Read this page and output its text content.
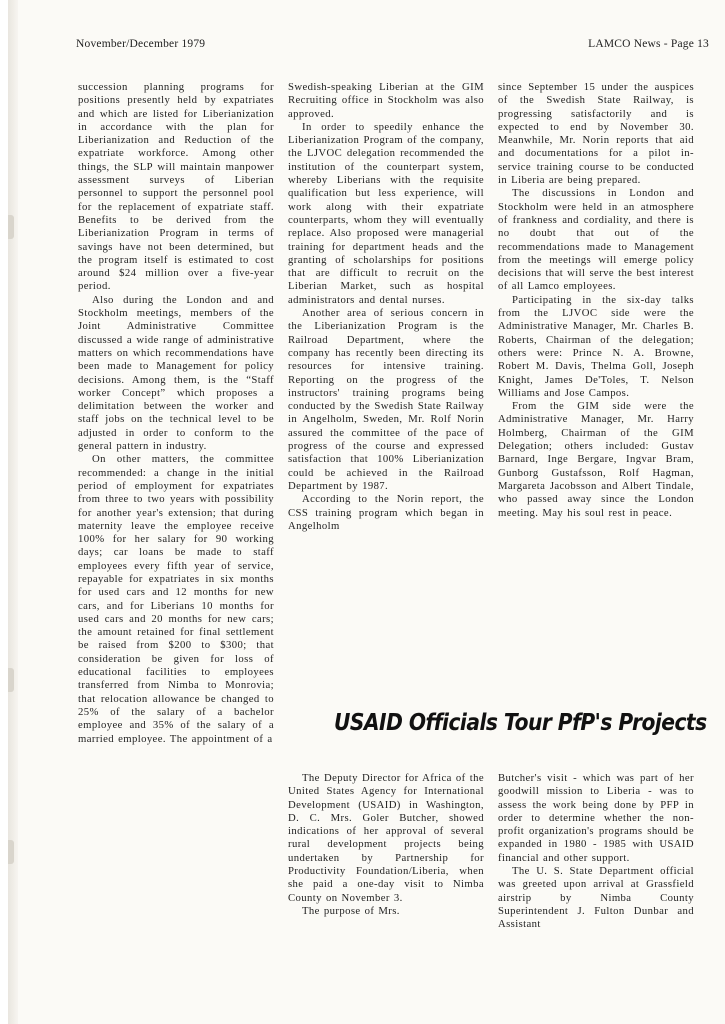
November/December 1979	LAMCO News - Page 13

succession planning programs for positions presently held by expatriates and which are listed for Liberianization in accordance with the plan for Liberianization and Reduction of the expatriate workforce. Among other things, the SLP will maintain manpower assessment surveys of Liberian personnel to support the personnel pool for the replacement of expatriate staff. Benefits to be derived from the Liberianization Program in terms of savings have not been determined, but the program itself is estimated to cost around $24 million over a five-year period.

Also during the London and and Stockholm meetings, members of the Joint Administrative Committee discussed a wide range of administrative matters on which recommendations have been made to Management for policy decisions. Among them, is the “Staff worker Concept” which proposes a delimitation between the worker and staff jobs on the technical level to be adjusted in order to conform to the general pattern in industry.

On other matters, the committee recommended: a change in the initial period of employment for expatriates from three to two years with possibility for another year's extension; that during maternity leave the employee receive 100% for her salary for 90 working days; car loans be made to staff employees every fifth year of service, repayable for expatriates in six months for used cars and 12 months for new cars, and for Liberians 10 months for used cars and 20 months for new cars; the amount retained for final settlement be raised from $200 to $300; that consideration be given for loss of educational facilities to employees transferred from Nimba to Monrovia; that relocation allowance be changed to 25% of the salary of a bachelor employee and 35% of the salary of a married employee. The appointment of a

Swedish-speaking Liberian at the GIM Recruiting office in Stockholm was also approved.

In order to speedily enhance the Liberianization Program of the company, the LJVOC delegation recommended the institution of the counterpart system, whereby Liberians with the requisite qualification but less experience, will work along with their expatriate counterparts, whom they will eventually replace. Also proposed were managerial training for department heads and the granting of scholarships for positions that are difficult to recruit on the Liberian Market, such as hospital administrators and dental nurses.

Another area of serious concern in the Liberianization Program is the Railroad Department, where the company has recently been directing its resources for intensive training. Reporting on the progress of the instructors' training programs being conducted by the Swedish State Railway in Angelholm, Sweden, Mr. Rolf Norin assured the committee of the pace of progress of the course and expressed satisfaction that 100% Liberianization could be achieved in the Railroad Department by 1987.

According to the Norin report, the CSS training program which began in Angelholm

since September 15 under the auspices of the Swedish State Railway, is progressing satisfactorily and is expected to end by November 30. Meanwhile, Mr. Norin reports that aid and documentations for a pilot in-service training course to be conducted in Liberia are being prepared.

The discussions in London and Stockholm were held in an atmosphere of frankness and cordiality, and there is no doubt that out of the recommendations made to Management from the meetings will emerge policy decisions that will serve the best interest of all Lamco employees.

Participating in the six-day talks from the LJVOC side were the Administrative Manager, Mr. Charles B. Roberts, Chairman of the delegation; others were: Prince N. A. Browne, Robert M. Davis, Thelma Goll, Joseph Knight, James De'Toles, T. Nelson Williams and Jose Campos.

From the GIM side were the Administrative Manager, Mr. Harry Holmberg, Chairman of the GIM Delegation; others included: Gustav Barnard, Inge Bergare, Ingvar Bram, Gunborg Gustafsson, Rolf Hagman, Margareta Jacobsson and Albert Tindale, who passed away since the London meeting. May his soul rest in peace.

USAID Officials Tour PfP's Projects

The Deputy Director for Africa of the United States Agency for International Development (USAID) in Washington, D. C. Mrs. Goler Butcher, showed indications of her approval of several rural development projects being undertaken by Partnership for Productivity Foundation/Liberia, when she paid a one-day visit to Nimba County on November 3.

The purpose of Mrs.

Butcher's visit - which was part of her goodwill mission to Liberia - was to assess the work being done by PFP in order to determine whether the non-profit organization's programs should be expanded in 1980 - 1985 with USAID financial and other support.

The U. S. State Department official was greeted upon arrival at Grassfield airstrip by Nimba County Superintendent J. Fulton Dunbar and Assistant
